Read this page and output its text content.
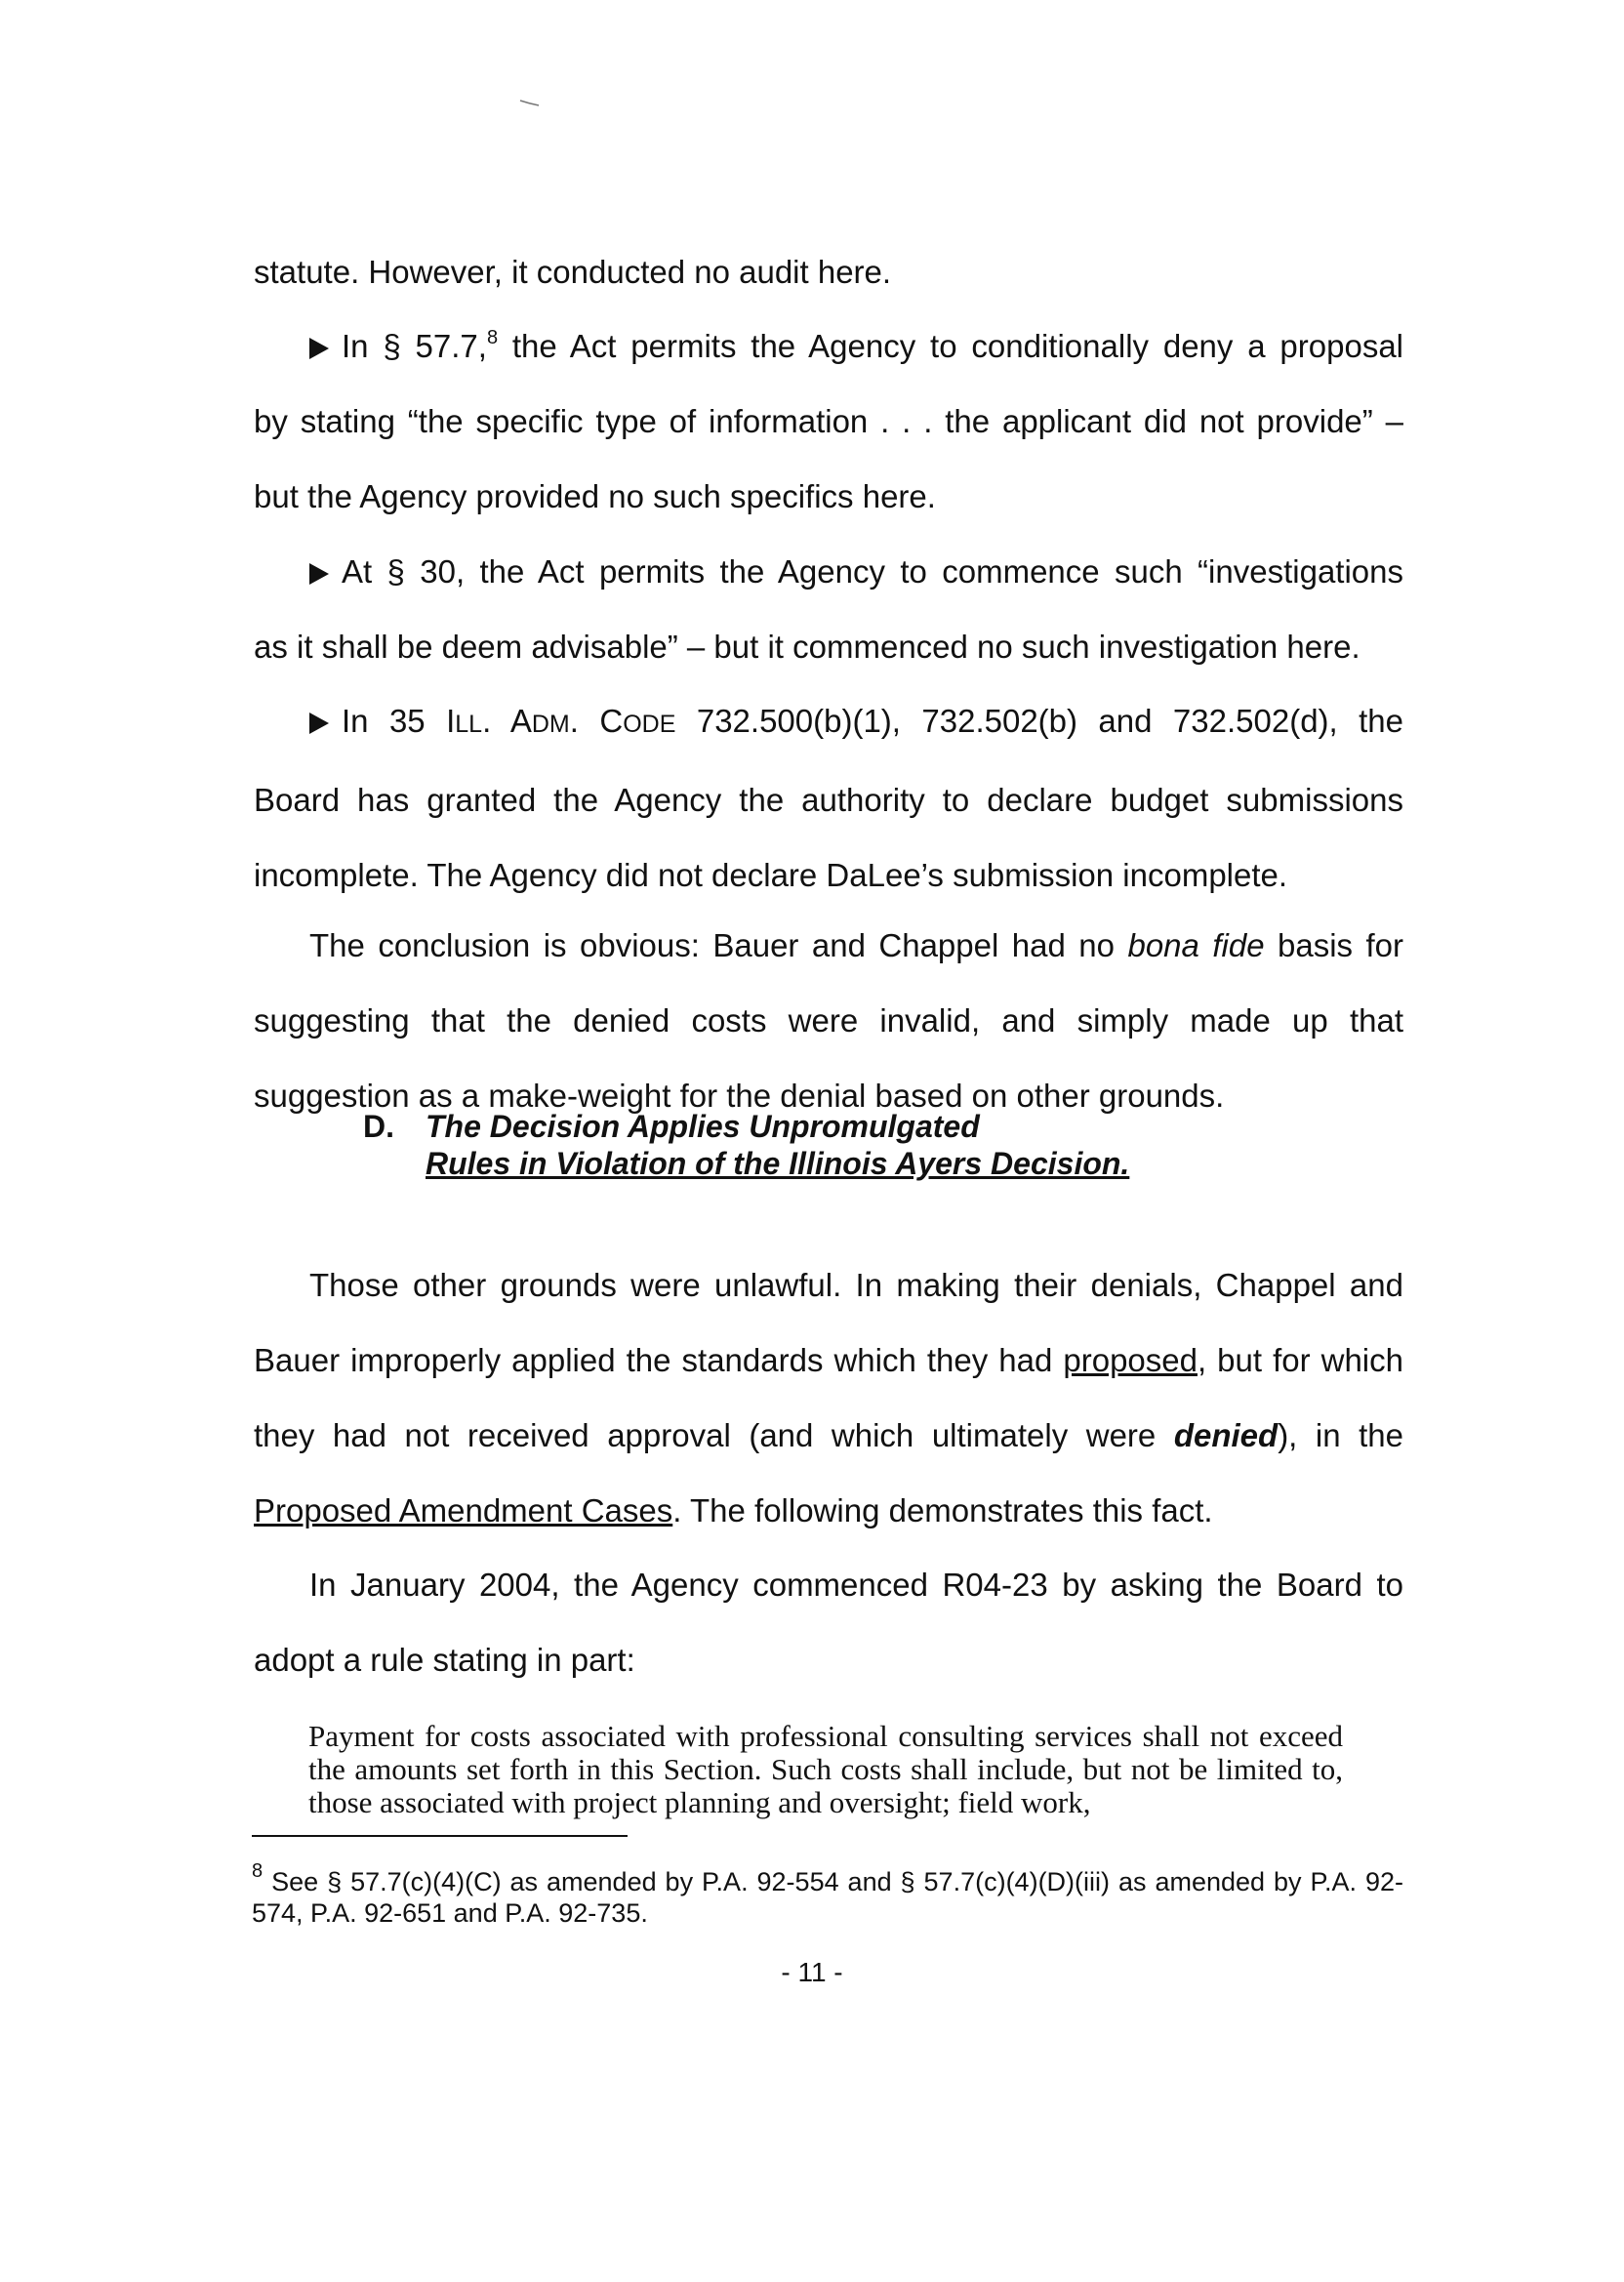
statute. However, it conducted no audit here.

In § 57.7,$^8$ the Act permits the Agency to conditionally deny a proposal
by stating “the specific type of information . . . the applicant did not provide” –
but the Agency provided no such specifics here.
At § 30, the Act permits the Agency to commence such “investigations
as it shall be deem advisable” – but it commenced no such investigation here.
In 35 ILL. ADM. CODE 732.500(b)(1), 732.502(b) and 732.502(d), the
Board has granted the Agency the authority to declare budget submissions
incomplete. The Agency did not declare DaLee’s submission incomplete.
The conclusion is obvious: Bauer and Chappel had no bona fide basis for
suggesting that the denied costs were invalid, and simply made up that
suggestion as a make-weight for the denial based on other grounds.
D. The Decision Applies Unpromulgated
Rules in Violation of the Illinois Ayers Decision.
Those other grounds were unlawful. In making their denials, Chappel and
Bauer improperly applied the standards which they had proposed, but for which
they had not received approval (and which ultimately were denied), in the
Proposed Amendment Cases. The following demonstrates this fact.
In January 2004, the Agency commenced R04-23 by asking the Board to
adopt a rule stating in part:

Payment for costs associated with professional consulting services shall not exceed the amounts set forth in this Section. Such costs shall include, but not be limited to, those associated with project planning and oversight; field work,

$^8$ See § 57.7(c)(4)(C) as amended by P.A. 92-554 and § 57.7(c)(4)(D)(iii) as amended by P.A. 92-574, P.A. 92-651 and P.A. 92-735.

- 11 -
